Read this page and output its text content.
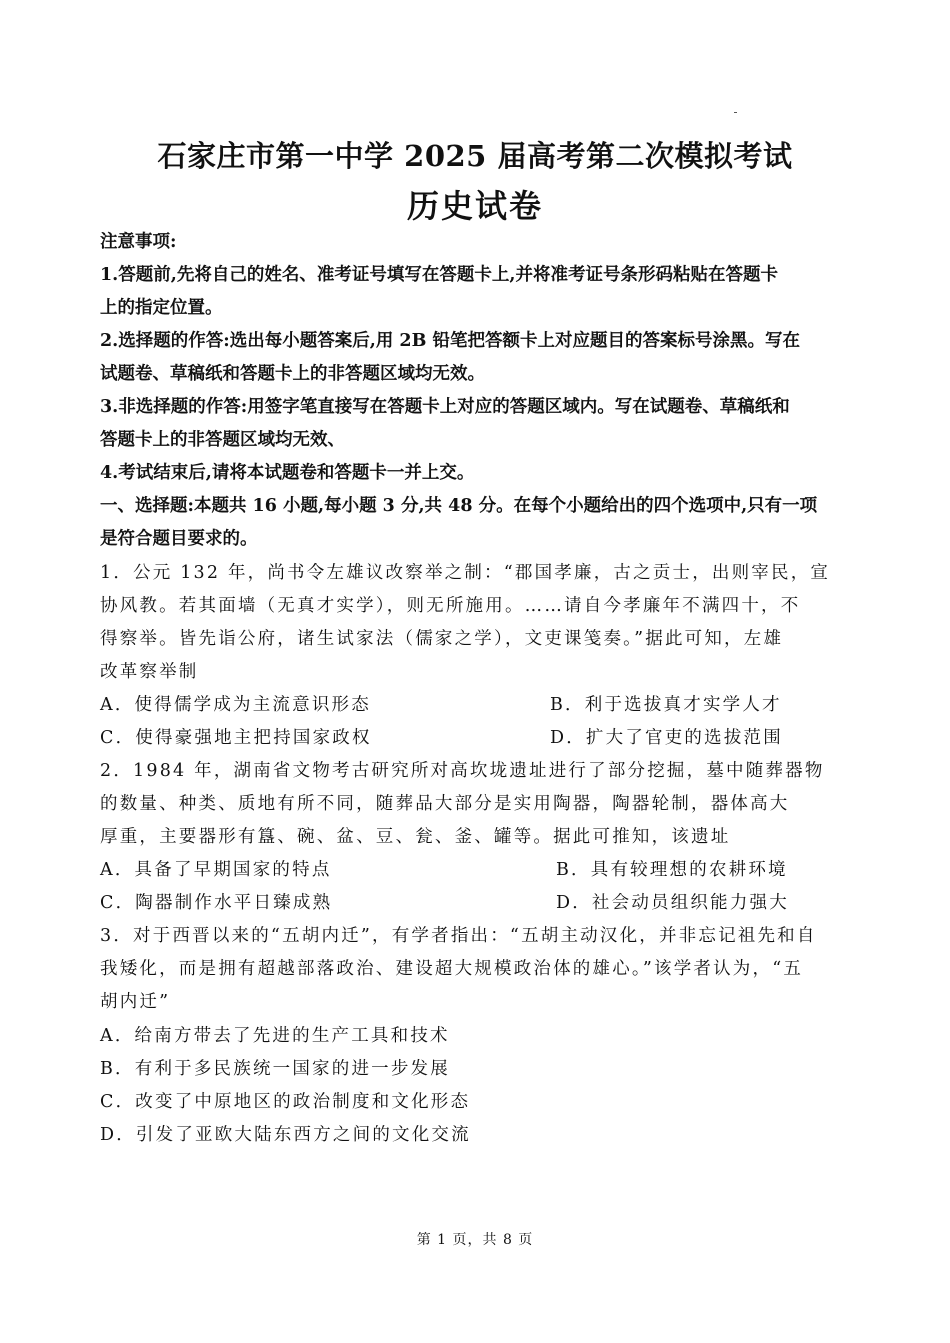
石家庄市第一中学 2025 届高考第二次模拟考试
历史试卷
注意事项:
1.答题前,先将自己的姓名、准考证号填写在答题卡上,并将准考证号条形码粘贴在答题卡
上的指定位置。
2.选择题的作答:选出每小题答案后,用 2B 铅笔把答额卡上对应题目的答案标号涂黑。写在
试题卷、草稿纸和答题卡上的非答题区域均无效。
3.非选择题的作答:用签字笔直接写在答题卡上对应的答题区域内。写在试题卷、草稿纸和
答题卡上的非答题区域均无效、
4.考试结束后,请将本试题卷和答题卡一并上交。
一、选择题:本题共 16 小题,每小题 3 分,共 48 分。在每个小题给出的四个选项中,只有一项
是符合题目要求的。
1．公元 132 年，尚书令左雄议改察举之制：“郡国孝廉，古之贡士，出则宰民，宣
协风教。若其面墙（无真才实学），则无所施用。……请自今孝廉年不满四十，不
得察举。皆先诣公府，诸生试家法（儒家之学），文吏课笺奏。”据此可知，左雄
改革察举制
A．使得儒学成为主流意识形态	B．利于选拔真才实学人才
C．使得豪强地主把持国家政权	D．扩大了官吏的选拔范围
2．1984 年，湖南省文物考古研究所对高坎垅遗址进行了部分挖掘，墓中随葬器物
的数量、种类、质地有所不同，随葬品大部分是实用陶器，陶器轮制，器体高大
厚重，主要器形有簋、碗、盆、豆、瓮、釜、罐等。据此可推知，该遗址
A．具备了早期国家的特点	B．具有较理想的农耕环境
C．陶器制作水平日臻成熟	D．社会动员组织能力强大
3．对于西晋以来的“五胡内迁”，有学者指出：“五胡主动汉化，并非忘记祖先和自
我矮化，而是拥有超越部落政治、建设超大规模政治体的雄心。”该学者认为，“五
胡内迁”
A．给南方带去了先进的生产工具和技术
B．有利于多民族统一国家的进一步发展
C．改变了中原地区的政治制度和文化形态
D．引发了亚欧大陆东西方之间的文化交流
第 1 页，共 8 页
